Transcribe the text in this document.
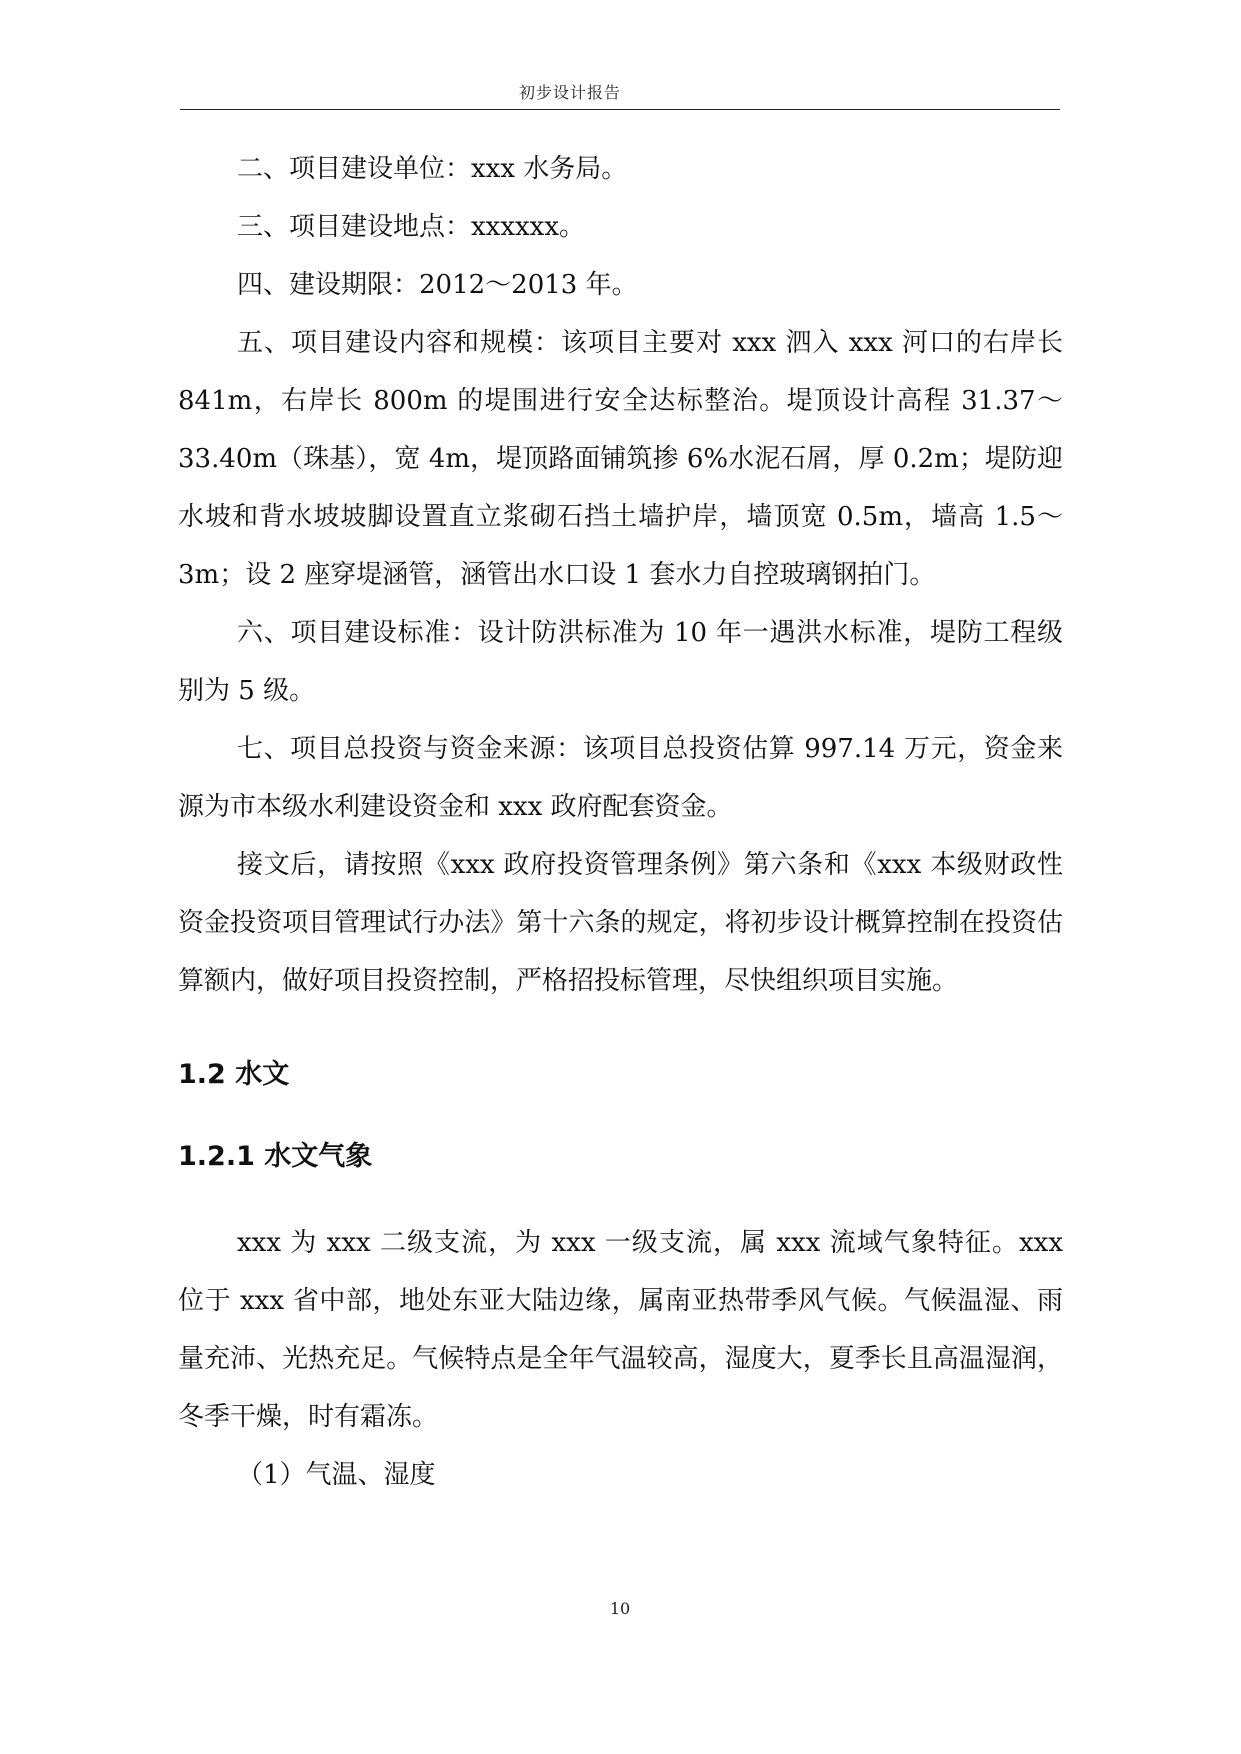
初步设计报告

二、项目建设单位：xxx 水务局。

三、项目建设地点：xxxxxx。

四、建设期限：2012～2013 年。

五、项目建设内容和规模：该项目主要对 xxx 泗入 xxx 河口的右岸长 841m，右岸长 800m 的堤围进行安全达标整治。堤顶设计高程 31.37～33.40m（珠基），宽 4m，堤顶路面铺筑掺 6%水泥石屑，厚 0.2m；堤防迎水坡和背水坡坡脚设置直立浆砌石挡土墙护岸，墙顶宽 0.5m，墙高 1.5～3m；设 2 座穿堤涵管，涵管出水口设 1 套水力自控玻璃钢拍门。

六、项目建设标准：设计防洪标准为 10 年一遇洪水标准，堤防工程级别为 5 级。

七、项目总投资与资金来源：该项目总投资估算 997.14 万元，资金来源为市本级水利建设资金和 xxx 政府配套资金。

接文后，请按照《xxx 政府投资管理条例》第六条和《xxx 本级财政性资金投资项目管理试行办法》第十六条的规定，将初步设计概算控制在投资估算额内，做好项目投资控制，严格招投标管理，尽快组织项目实施。

1.2 水文
1.2.1 水文气象

xxx 为 xxx 二级支流，为 xxx 一级支流，属 xxx 流域气象特征。xxx 位于 xxx 省中部，地处东亚大陆边缘，属南亚热带季风气候。气候温湿、雨量充沛、光热充足。气候特点是全年气温较高，湿度大，夏季长且高温湿润，冬季干燥，时有霜冻。

（1）气温、湿度

10
